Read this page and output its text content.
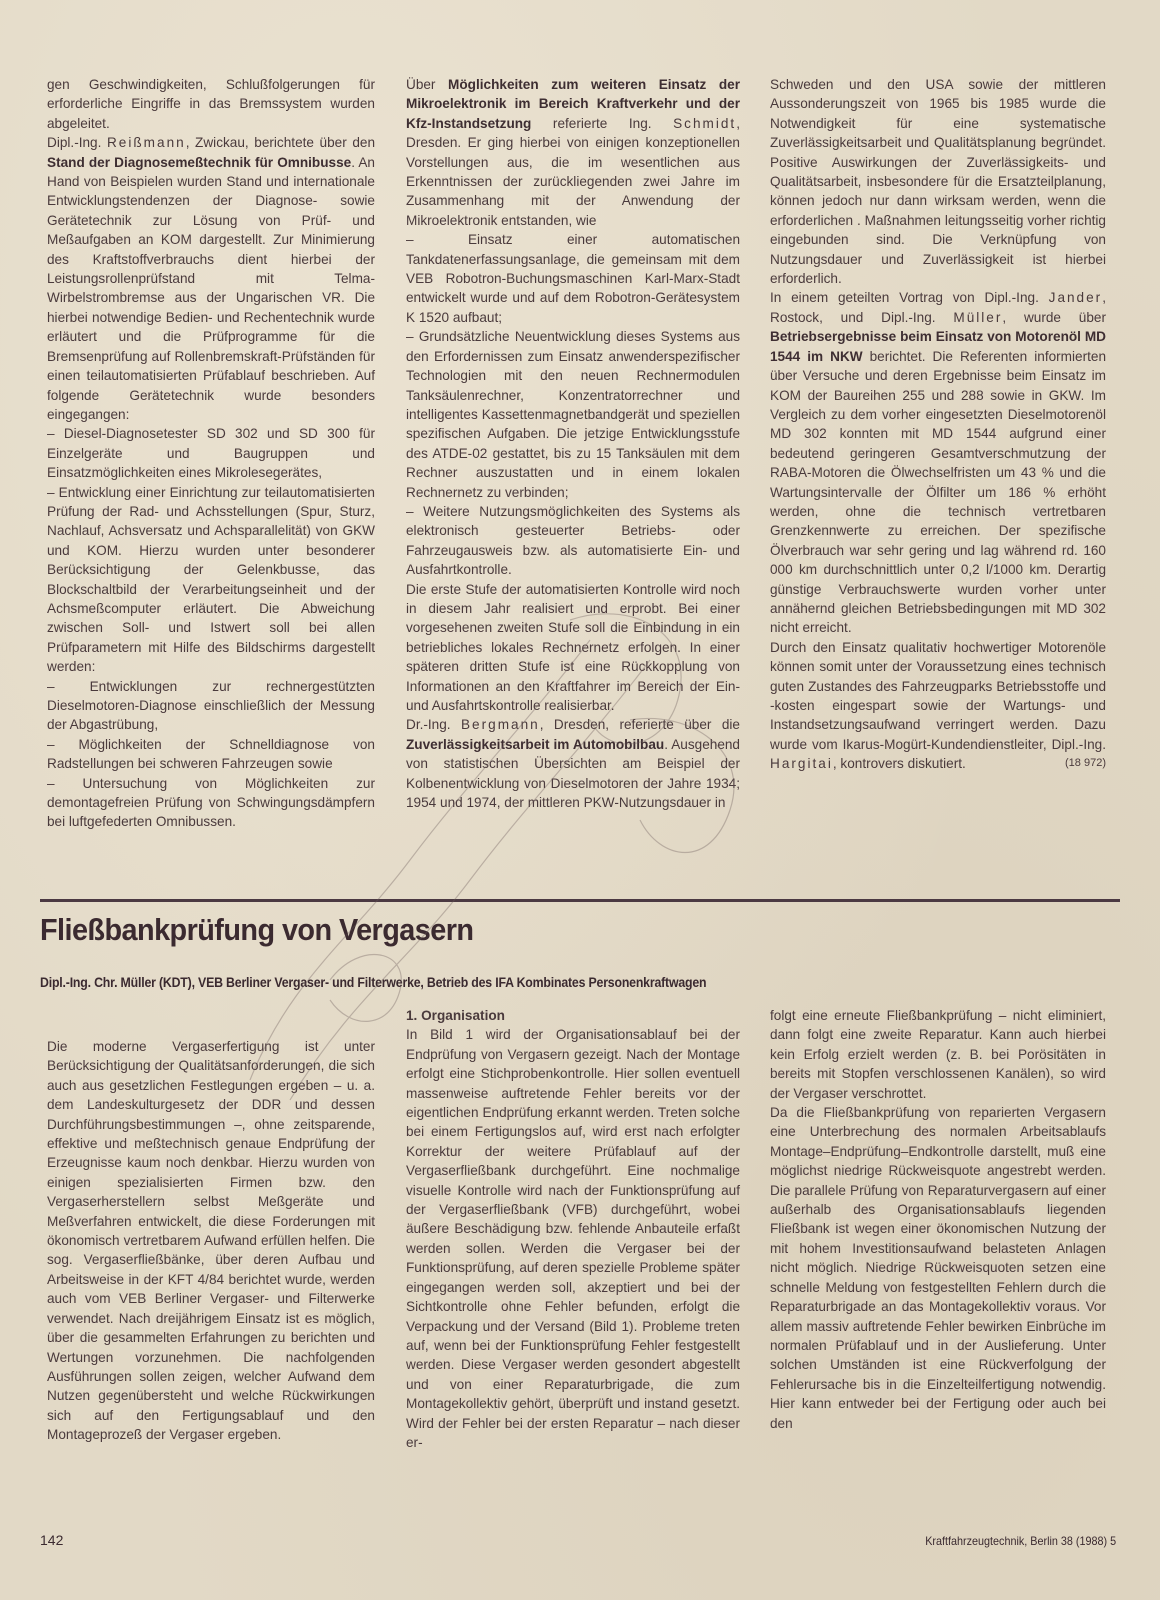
gen Geschwindigkeiten, Schlußfolgerungen für erforderliche Eingriffe in das Bremssystem wurden abgeleitet.

Dipl.-Ing. Reißmann, Zwickau, berichtete über den Stand der Diagnosemeßtechnik für Omnibusse. An Hand von Beispielen wurden Stand und internationale Entwicklungstendenzen der Diagnose- sowie Gerätetechnik zur Lösung von Prüf- und Meßaufgaben an KOM dargestellt. Zur Minimierung des Kraftstoffverbrauchs dient hierbei der Leistungsrollenprüfstand mit Telma-Wirbelstrombremse aus der Ungarischen VR. Die hierbei notwendige Bedien- und Rechentechnik wurde erläutert und die Prüfprogramme für die Bremsenprüfung auf Rollenbremskraft-Prüfständen für einen teilautomatisierten Prüfablauf beschrieben. Auf folgende Gerätetechnik wurde besonders eingegangen:

– Diesel-Diagnosetester SD 302 und SD 300 für Einzelgeräte und Baugruppen und Einsatzmöglichkeiten eines Mikrolesegerätes,

– Entwicklung einer Einrichtung zur teilautomatisierten Prüfung der Rad- und Achsstellungen (Spur, Sturz, Nachlauf, Achsversatz und Achsparallelität) von GKW und KOM. Hierzu wurden unter besonderer Berücksichtigung der Gelenkbusse, das Blockschaltbild der Verarbeitungseinheit und der Achsmeßcomputer erläutert. Die Abweichung zwischen Soll- und Istwert soll bei allen Prüfparametern mit Hilfe des Bildschirms dargestellt werden:

– Entwicklungen zur rechnergestützten Dieselmotoren-Diagnose einschließlich der Messung der Abgastrübung,

– Möglichkeiten der Schnelldiagnose von Radstellungen bei schweren Fahrzeugen sowie

– Untersuchung von Möglichkeiten zur demontagefreien Prüfung von Schwingungsdämpfern bei luftgefederten Omnibussen.

Über Möglichkeiten zum weiteren Einsatz der Mikroelektronik im Bereich Kraftverkehr und der Kfz-Instandsetzung referierte Ing. Schmidt, Dresden. Er ging hierbei von einigen konzeptionellen Vorstellungen aus, die im wesentlichen aus Erkenntnissen der zurückliegenden zwei Jahre im Zusammenhang mit der Anwendung der Mikroelektronik entstanden, wie

– Einsatz einer automatischen Tankdatenerfassungsanlage, die gemeinsam mit dem VEB Robotron-Buchungsmaschinen Karl-Marx-Stadt entwickelt wurde und auf dem Robotron-Gerätesystem K 1520 aufbaut;

– Grundsätzliche Neuentwicklung dieses Systems aus den Erfordernissen zum Einsatz anwenderspezifischer Technologien mit den neuen Rechnermodulen Tanksäulenrechner, Konzentratorrechner und intelligentes Kassettenmagnetbandgerät und speziellen spezifischen Aufgaben. Die jetzige Entwicklungsstufe des ATDE-02 gestattet, bis zu 15 Tanksäulen mit dem Rechner auszustatten und in einem lokalen Rechnernetz zu verbinden;

– Weitere Nutzungsmöglichkeiten des Systems als elektronisch gesteuerter Betriebs- oder Fahrzeugausweis bzw. als automatisierte Ein- und Ausfahrtkontrolle.

Die erste Stufe der automatisierten Kontrolle wird noch in diesem Jahr realisiert und erprobt. Bei einer vorgesehenen zweiten Stufe soll die Einbindung in ein betriebliches lokales Rechnernetz erfolgen. In einer späteren dritten Stufe ist eine Rückkopplung von Informationen an den Kraftfahrer im Bereich der Ein- und Ausfahrtskontrolle realisierbar.

Dr.-Ing. Bergmann, Dresden, referierte über die Zuverlässigkeitsarbeit im Automobilbau. Ausgehend von statistischen Übersichten am Beispiel der Kolbenentwicklung von Dieselmotoren der Jahre 1934; 1954 und 1974, der mittleren PKW-Nutzungsdauer in

Schweden und den USA sowie der mittleren Aussonderungszeit von 1965 bis 1985 wurde die Notwendigkeit für eine systematische Zuverlässigkeitsarbeit und Qualitätsplanung begründet. Positive Auswirkungen der Zuverlässigkeits- und Qualitätsarbeit, insbesondere für die Ersatzteilplanung, können jedoch nur dann wirksam werden, wenn die erforderlichen . Maßnahmen leitungsseitig vorher richtig eingebunden sind. Die Verknüpfung von Nutzungsdauer und Zuverlässigkeit ist hierbei erforderlich.

In einem geteilten Vortrag von Dipl.-Ing. Jander, Rostock, und Dipl.-Ing. Müller, wurde über Betriebsergebnisse beim Einsatz von Motorenöl MD 1544 im NKW berichtet. Die Referenten informierten über Versuche und deren Ergebnisse beim Einsatz im KOM der Baureihen 255 und 288 sowie in GKW. Im Vergleich zu dem vorher eingesetzten Dieselmotorenöl MD 302 konnten mit MD 1544 aufgrund einer bedeutend geringeren Gesamtverschmutzung der RABA-Motoren die Ölwechselfristen um 43 % und die Wartungsintervalle der Ölfilter um 186 % erhöht werden, ohne die technisch vertretbaren Grenzkennwerte zu erreichen. Der spezifische Ölverbrauch war sehr gering und lag während rd. 160 000 km durchschnittlich unter 0,2 l/1000 km. Derartig günstige Verbrauchswerte wurden vorher unter annähernd gleichen Betriebsbedingungen mit MD 302 nicht erreicht.

Durch den Einsatz qualitativ hochwertiger Motorenöle können somit unter der Voraussetzung eines technisch guten Zustandes des Fahrzeugparks Betriebsstoffe und -kosten eingespart sowie der Wartungs- und Instandsetzungsaufwand verringert werden. Dazu wurde vom Ikarus-Mogürt-Kundendienstleiter, Dipl.-Ing. Hargitai, kontrovers diskutiert.	(18 972)

Fließbankprüfung von Vergasern
Dipl.-Ing. Chr. Müller (KDT), VEB Berliner Vergaser- und Filterwerke, Betrieb des IFA Kombinates Personenkraftwagen

Die moderne Vergaserfertigung ist unter Berücksichtigung der Qualitätsanforderungen, die sich auch aus gesetzlichen Festlegungen ergeben – u. a. dem Landeskulturgesetz der DDR und dessen Durchführungsbestimmungen –, ohne zeitsparende, effektive und meßtechnisch genaue Endprüfung der Erzeugnisse kaum noch denkbar. Hierzu wurden von einigen spezialisierten Firmen bzw. den Vergaserherstellern selbst Meßgeräte und Meßverfahren entwickelt, die diese Forderungen mit ökonomisch vertretbarem Aufwand erfüllen helfen. Die sog. Vergaserfließbänke, über deren Aufbau und Arbeitsweise in der KFT 4/84 berichtet wurde, werden auch vom VEB Berliner Vergaser- und Filterwerke verwendet. Nach dreijährigem Einsatz ist es möglich, über die gesammelten Erfahrungen zu berichten und Wertungen vorzunehmen. Die nachfolgenden Ausführungen sollen zeigen, welcher Aufwand dem Nutzen gegenübersteht und welche Rückwirkungen sich auf den Fertigungsablauf und den Montageprozeß der Vergaser ergeben.

1. Organisation

In Bild 1 wird der Organisationsablauf bei der Endprüfung von Vergasern gezeigt. Nach der Montage erfolgt eine Stichprobenkontrolle. Hier sollen eventuell massenweise auftretende Fehler bereits vor der eigentlichen Endprüfung erkannt werden. Treten solche bei einem Fertigungslos auf, wird erst nach erfolgter Korrektur der weitere Prüfablauf auf der Vergaserfließbank durchgeführt. Eine nochmalige visuelle Kontrolle wird nach der Funktionsprüfung auf der Vergaserfließbank (VFB) durchgeführt, wobei äußere Beschädigung bzw. fehlende Anbauteile erfaßt werden sollen. Werden die Vergaser bei der Funktionsprüfung, auf deren spezielle Probleme später eingegangen werden soll, akzeptiert und bei der Sichtkontrolle ohne Fehler befunden, erfolgt die Verpackung und der Versand (Bild 1). Probleme treten auf, wenn bei der Funktionsprüfung Fehler festgestellt werden. Diese Vergaser werden gesondert abgestellt und von einer Reparaturbrigade, die zum Montagekollektiv gehört, überprüft und instand gesetzt. Wird der Fehler bei der ersten Reparatur – nach dieser er-

folgt eine erneute Fließbankprüfung – nicht eliminiert, dann folgt eine zweite Reparatur. Kann auch hierbei kein Erfolg erzielt werden (z. B. bei Porösitäten in bereits mit Stopfen verschlossenen Kanälen), so wird der Vergaser verschrottet.

Da die Fließbankprüfung von reparierten Vergasern eine Unterbrechung des normalen Arbeitsablaufs Montage–Endprüfung–Endkontrolle darstellt, muß eine möglichst niedrige Rückweisquote angestrebt werden. Die parallele Prüfung von Reparaturvergasern auf einer außerhalb des Organisationsablaufs liegenden Fließbank ist wegen einer ökonomischen Nutzung der mit hohem Investitionsaufwand belasteten Anlagen nicht möglich. Niedrige Rückweisquoten setzen eine schnelle Meldung von festgestellten Fehlern durch die Reparaturbrigade an das Montagekollektiv voraus. Vor allem massiv auftretende Fehler bewirken Einbrüche im normalen Prüfablauf und in der Auslieferung. Unter solchen Umständen ist eine Rückverfolgung der Fehlerursache bis in die Einzelteilfertigung notwendig. Hier kann entweder bei der Fertigung oder auch bei den

142	Kraftfahrzeugtechnik, Berlin 38 (1988) 5
